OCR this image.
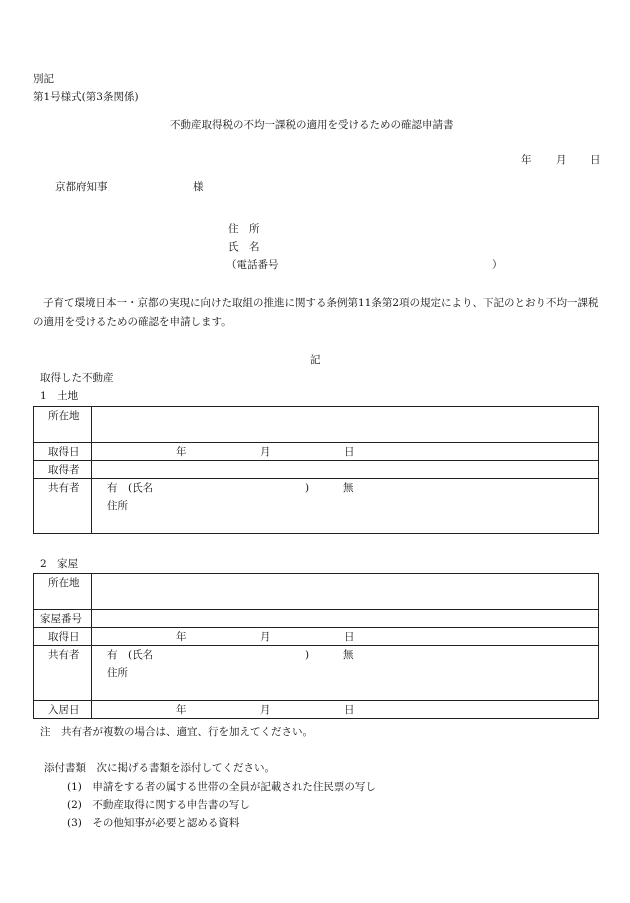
別記
第1号様式(第3条関係)
不動産取得税の不均一課税の適用を受けるための確認申請書
年 月 日
京都府知事	様
住　所
氏　名
（電話番号	）
子育て環境日本一・京都の実現に向けた取組の推進に関する条例第11条第2項の規定により、下記のとおり不均一課税の適用を受けるための確認を申請します。
記
取得した不動産
1　土地
所在地	

取得日	年 月 日

取得者	

共有者	有　(氏名 ) 無
住所
2　家屋
所在地	

家屋番号	

取得日	年 月 日

共有者	有　(氏名 ) 無
住所

入居日	年 月 日
注　共有者が複数の場合は、適宜、行を加えてください。
添付書類　次に掲げる書類を添付してください。
(1)　申請をする者の属する世帯の全員が記載された住民票の写し
(2)　不動産取得に関する申告書の写し
(3)　その他知事が必要と認める資料
